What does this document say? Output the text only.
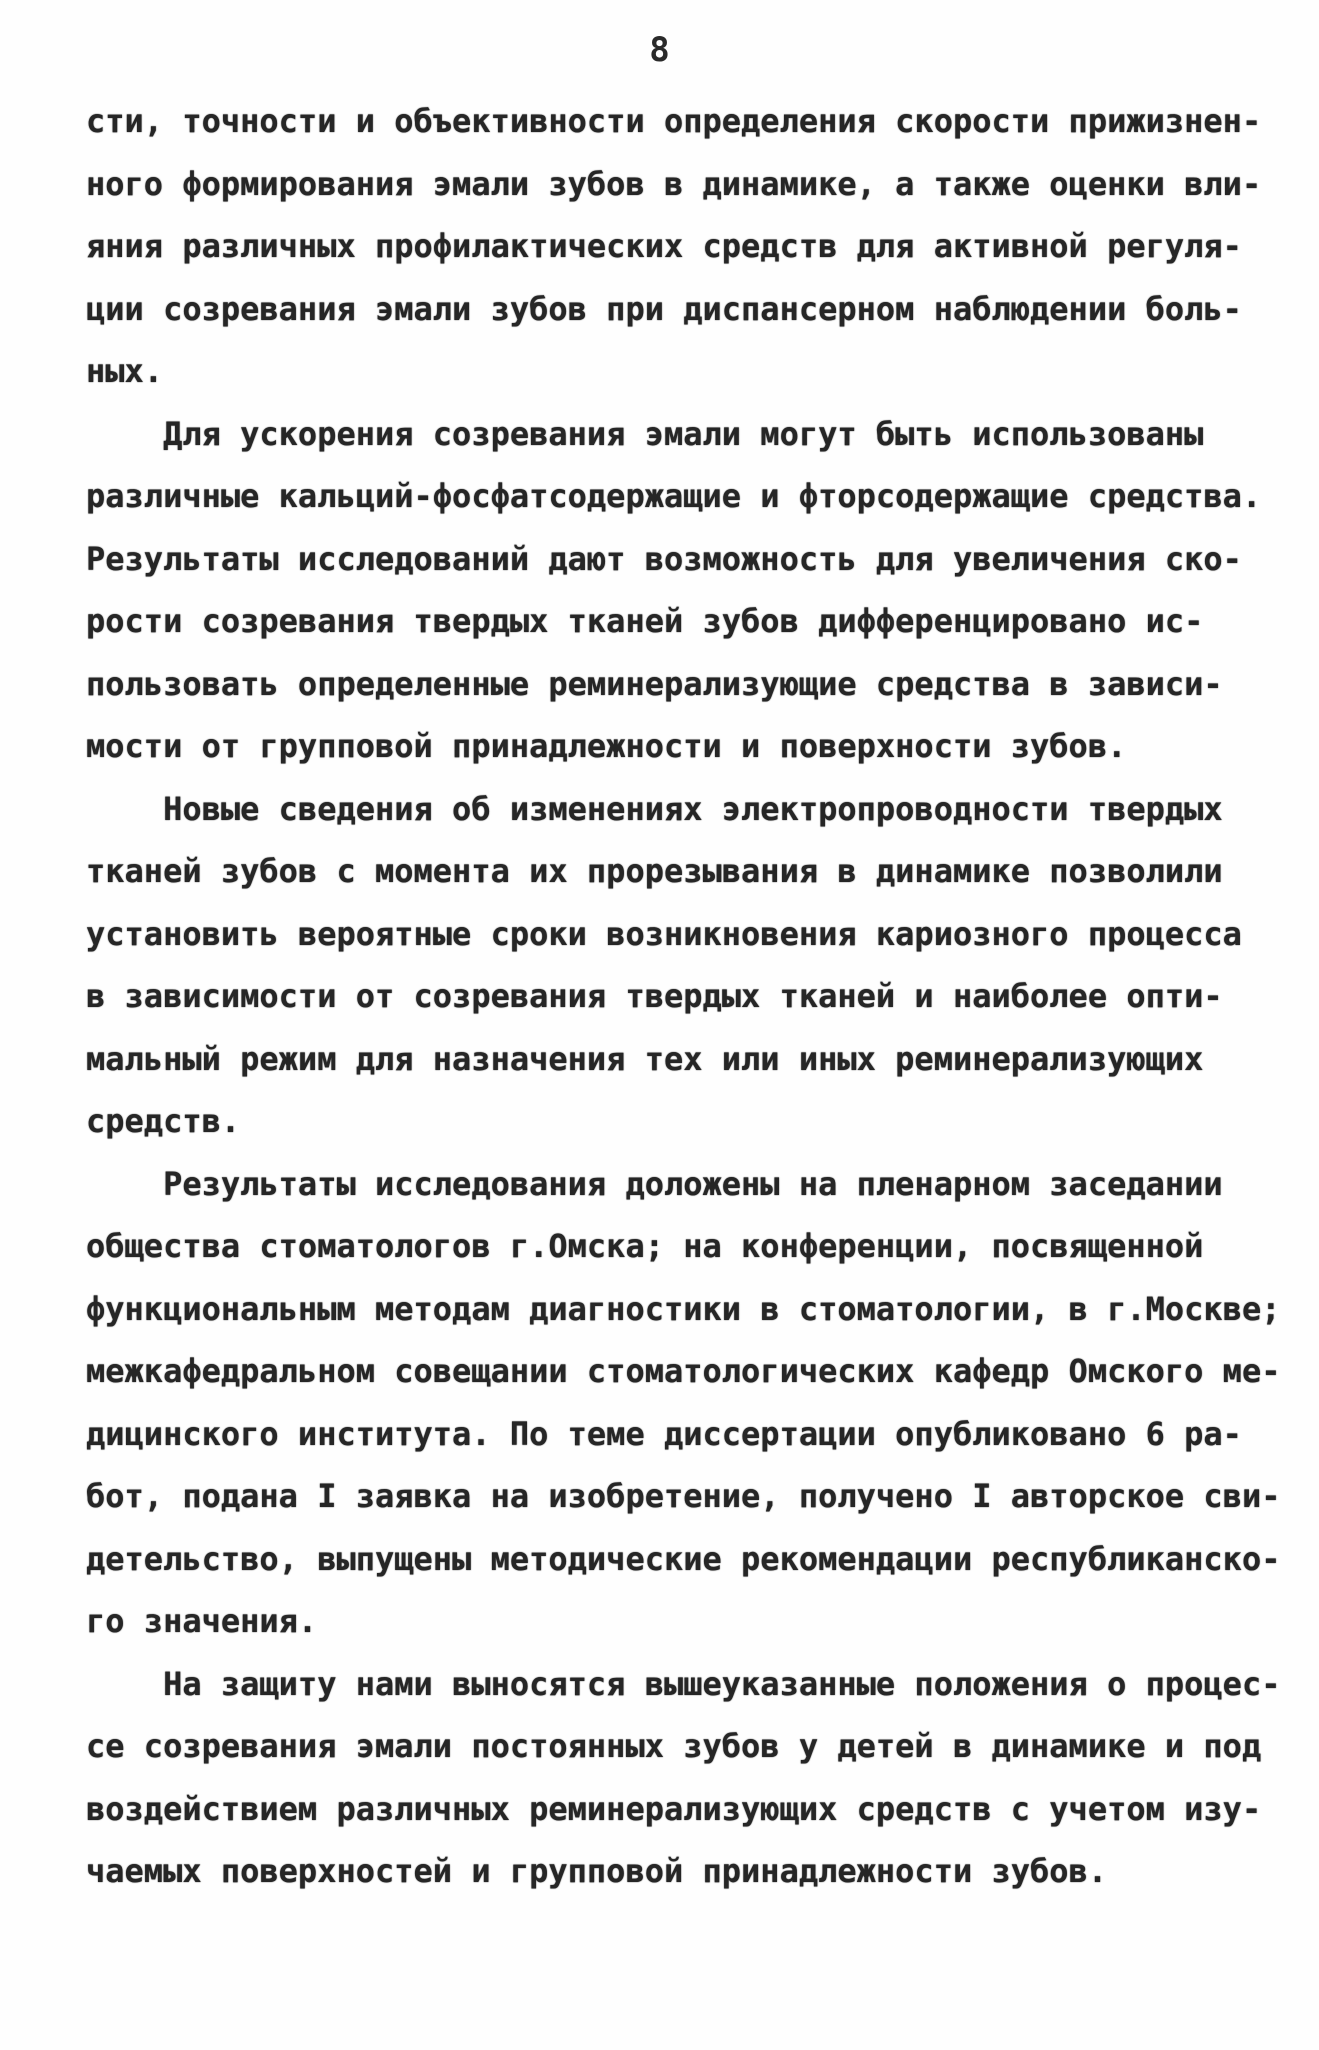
8
сти, точности и объективности определения скорости прижизнен-
ного формирования эмали зубов в динамике, а также оценки вли-
яния различных профилактических средств для активной регуля-
ции созревания эмали зубов при диспансерном наблюдении боль-
ных.
Для ускорения созревания эмали могут быть использованы
различные кальций-фосфатсодержащие и фторсодержащие средства.
Результаты исследований дают возможность для увеличения ско-
рости созревания твердых тканей зубов дифференцировано ис-
пользовать определенные реминерализующие средства в зависи-
мости от групповой принадлежности и поверхности зубов.
Новые сведения об изменениях электропроводности твердых
тканей зубов с момента их прорезывания в динамике позволили
установить вероятные сроки возникновения кариозного процесса
в зависимости от созревания твердых тканей и наиболее опти-
мальный режим для назначения тех или иных реминерализующих
средств.
Результаты исследования доложены на пленарном заседании
общества стоматологов г.Омска; на конференции, посвященной
функциональным методам диагностики в стоматологии, в г.Москве;
межкафедральном совещании стоматологических кафедр Омского ме-
дицинского института. По теме диссертации опубликовано 6 ра-
бот, подана I заявка на изобретение, получено I авторское сви-
детельство, выпущены методические рекомендации республиканско-
го значения.
На защиту нами выносятся вышеуказанные положения о процес-
се созревания эмали постоянных зубов у детей в динамике и под
воздействием различных реминерализующих средств с учетом изу-
чаемых поверхностей и групповой принадлежности зубов.
